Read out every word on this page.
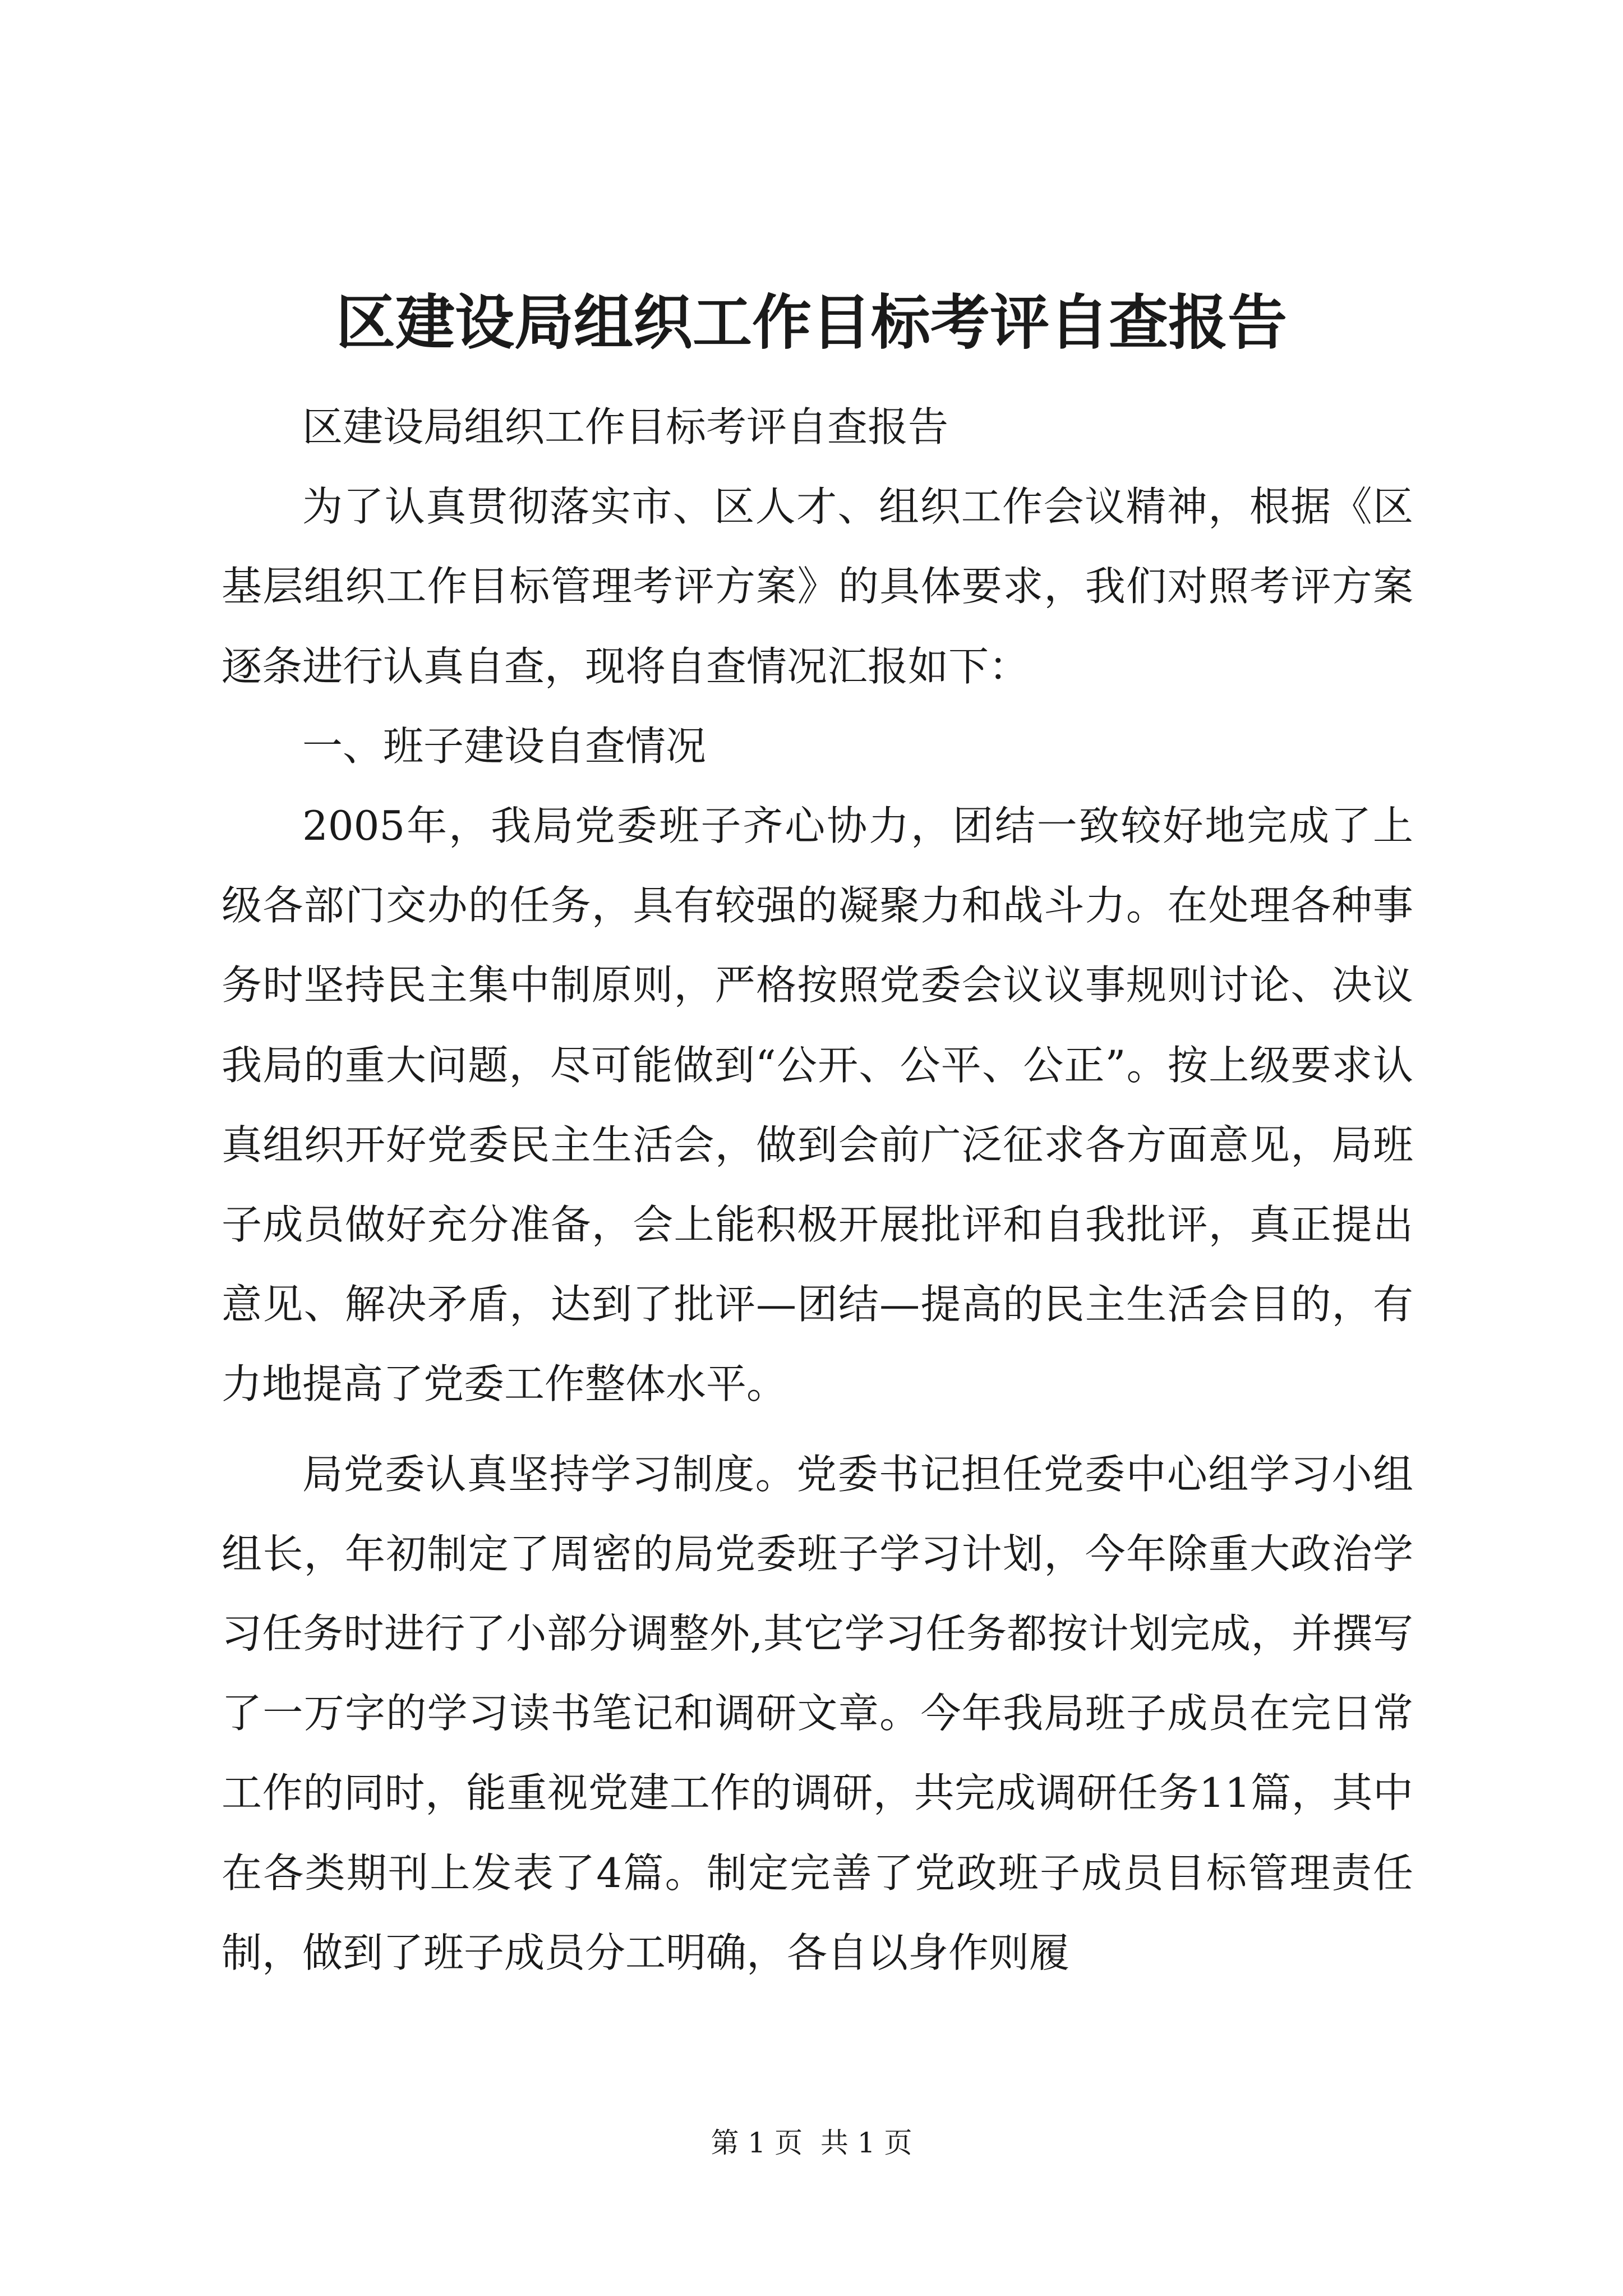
区建设局组织工作目标考评自查报告

区建设局组织工作目标考评自查报告

为了认真贯彻落实市、区人才、组织工作会议精神，根据《区基层组织工作目标管理考评方案》的具体要求，我们对照考评方案逐条进行认真自查，现将自查情况汇报如下：

一、班子建设自查情况

2005年，我局党委班子齐心协力，团结一致较好地完成了上级各部门交办的任务，具有较强的凝聚力和战斗力。在处理各种事务时坚持民主集中制原则，严格按照党委会议议事规则讨论、决议我局的重大问题，尽可能做到“公开、公平、公正”。按上级要求认真组织开好党委民主生活会，做到会前广泛征求各方面意见，局班子成员做好充分准备，会上能积极开展批评和自我批评，真正提出意见、解决矛盾，达到了批评—团结—提高的民主生活会目的，有力地提高了党委工作整体水平。

局党委认真坚持学习制度。党委书记担任党委中心组学习小组组长，年初制定了周密的局党委班子学习计划，今年除重大政治学习任务时进行了小部分调整外,其它学习任务都按计划完成，并撰写了一万字的学习读书笔记和调研文章。今年我局班子成员在完日常工作的同时，能重视党建工作的调研，共完成调研任务11篇，其中在各类期刊上发表了4篇。制定完善了党政班子成员目标管理责任制，做到了班子成员分工明确，各自以身作则履

第 1 页  共 1 页
